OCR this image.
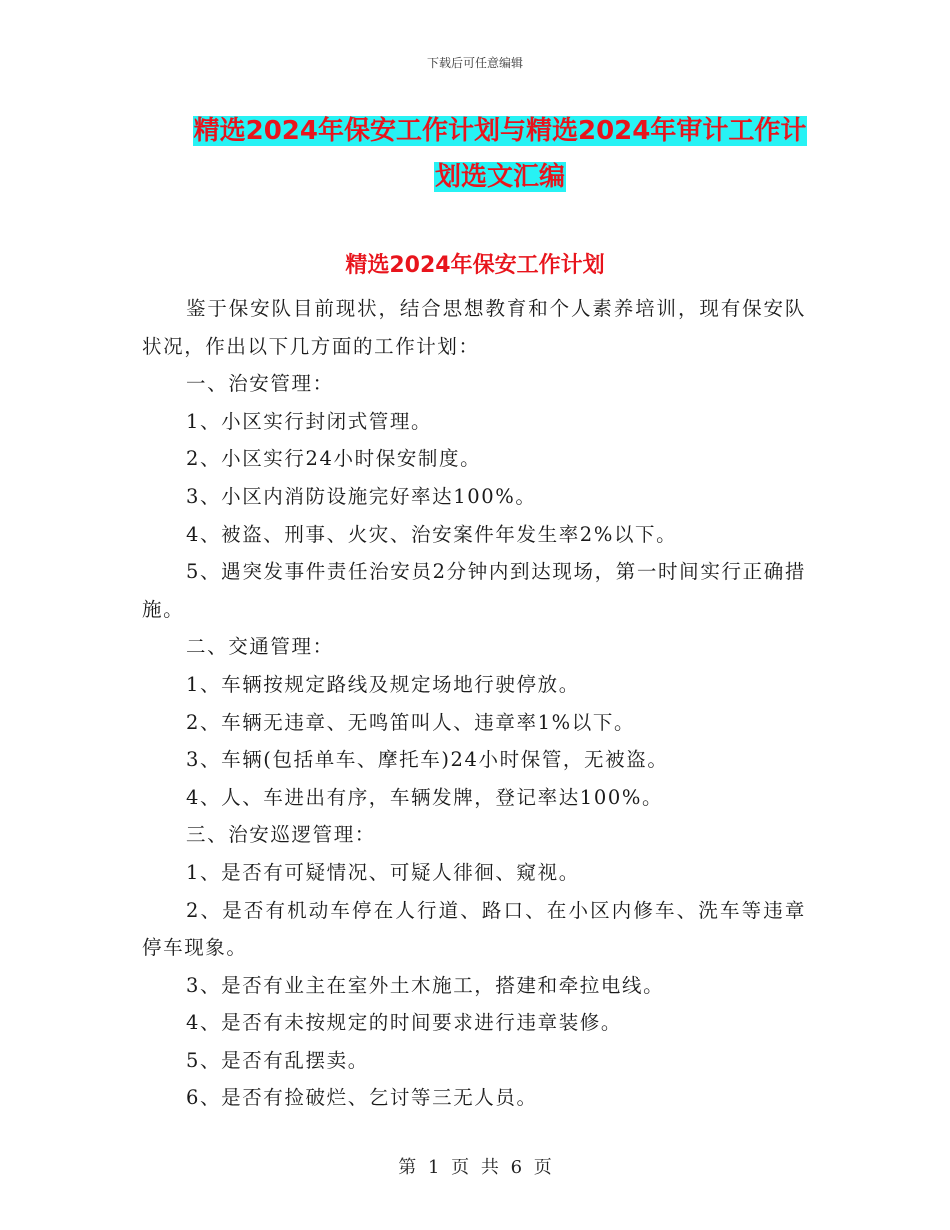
下载后可任意编辑
精选2024年保安工作计划与精选2024年审计工作计
划选文汇编
精选2024年保安工作计划

鉴于保安队目前现状，结合思想教育和个人素养培训，现有保安队状况，作出以下几方面的工作计划：

一、治安管理：

1、小区实行封闭式管理。

2、小区实行24小时保安制度。

3、小区内消防设施完好率达100%。

4、被盗、刑事、火灾、治安案件年发生率2%以下。

5、遇突发事件责任治安员2分钟内到达现场，第一时间实行正确措施。

二、交通管理：

1、车辆按规定路线及规定场地行驶停放。

2、车辆无违章、无鸣笛叫人、违章率1%以下。

3、车辆(包括单车、摩托车)24小时保管，无被盗。

4、人、车进出有序，车辆发牌，登记率达100%。

三、治安巡逻管理：

1、是否有可疑情况、可疑人徘徊、窥视。

2、是否有机动车停在人行道、路口、在小区内修车、洗车等违章停车现象。

3、是否有业主在室外土木施工，搭建和牵拉电线。

4、是否有未按规定的时间要求进行违章装修。

5、是否有乱摆卖。

6、是否有捡破烂、乞讨等三无人员。

第 1 页 共 6 页
